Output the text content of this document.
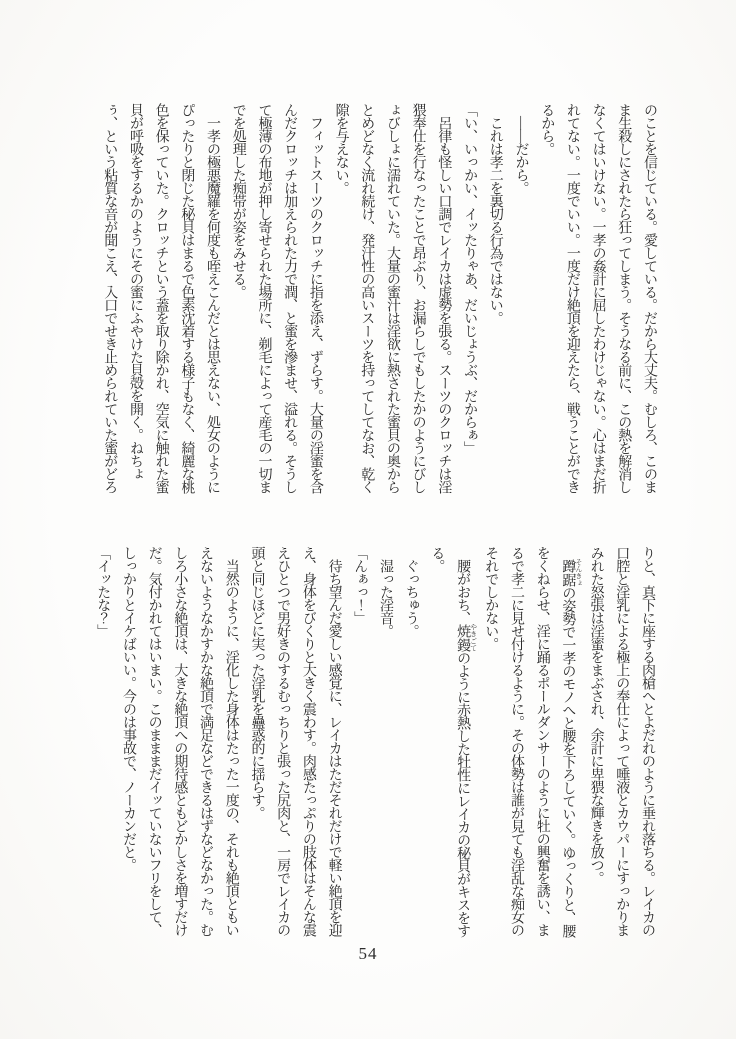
のことを信じている。愛している。だから大丈夫。むしろ、このま
ま生殺しにされたら狂ってしまう。そうなる前に、この熱を解消し
なくてはいけない。一孝の姦計に屈したわけじゃない。心はまだ折
れてない。一度でいい。一度だけ絶頂を迎えたら、戦うことができ
るから。
　――だから。
　これは孝二を裏切る行為ではない。
「い、いっかい、イッたりゃあ、だいじょうぶ、だからぁ」
　呂律も怪しい口調でレイカは虚勢を張る。スーツのクロッチは淫
猥奉仕を行なったことで昂ぶり、お漏らしでもしたかのようにびし
ょびしょに濡れていた。大量の蜜汁は淫欲に熱された蜜貝の奥から
とめどなく流れ続け、発汗性の高いスーツを持ってしてなお、乾く
隙を与えない。
　フィットスーツのクロッチに指を添え、ずらす。大量の淫蜜を含
んだクロッチは加えられた力で潤、と蜜を滲ませ、溢れる。そうし
て極薄の布地が押し寄せられた場所に、剃毛によって産毛の一切ま
でを処理した痴帯が姿をみせる。
　一孝の極悪魔羅を何度も咥えこんだとは思えない、処女のように
ぴったりと閉じた秘貝はまるで色素沈着する様子もなく、綺麗な桃
色を保っていた。クロッチという蓋を取り除かれ、空気に触れた蜜
貝が呼吸をするかのようにその蜜にふやけた貝殻を開く。ねちょ
ぅ、という粘質な音が聞こえ、入口でせき止められていた蜜がどろ
りと、真下に座する肉槍へとよだれのように垂れ落ちる。レイカの
口腔と淫乳による極上の奉仕によって唾液とカウパーにすっかりま
みれた怒張は淫蜜をまぶされ、余計に卑猥な輝きを放つ。
　蹲踞 そんきょの姿勢で一孝のモノへと腰を下ろしていく。ゆっくりと、腰
をくねらせ、淫に踊るポールダンサーのように牡の興奮を誘い、ま
るで孝二に見せ付けるように。その体勢は誰が見ても淫乱な痴女の
それでしかない。
　腰がおち、焼鏝 やきごてのように赤熱した牡性にレイカの秘貝がキスをす
る。
　ぐっちゅう。
　湿った淫音。
「んぁっ！」
　待ち望んだ愛しい感覚に、レイカはただそれだけで軽い絶頂を迎
え、身体をびくりと大きく震わす。肉感たっぷりの肢体はそんな震
えひとつで男好きのするむっちりと張った尻肉と、一房でレイカの
頭と同じほどに実った淫乳を蠱惑的に揺らす。
　当然のように、淫化した身体はたった一度の、それも絶頂ともい
えないようなかすかな絶頂で満足などできるはずなどなかった。む
しろ小さな絶頂は、大きな絶頂への期待感ともどかしさを増すだけ
だ。気付かれてはいまい。このまままだイッていないフリをして、
しっかりとイケばいい。今のは事故で、ノーカンだと。
「イッたな？」
54
